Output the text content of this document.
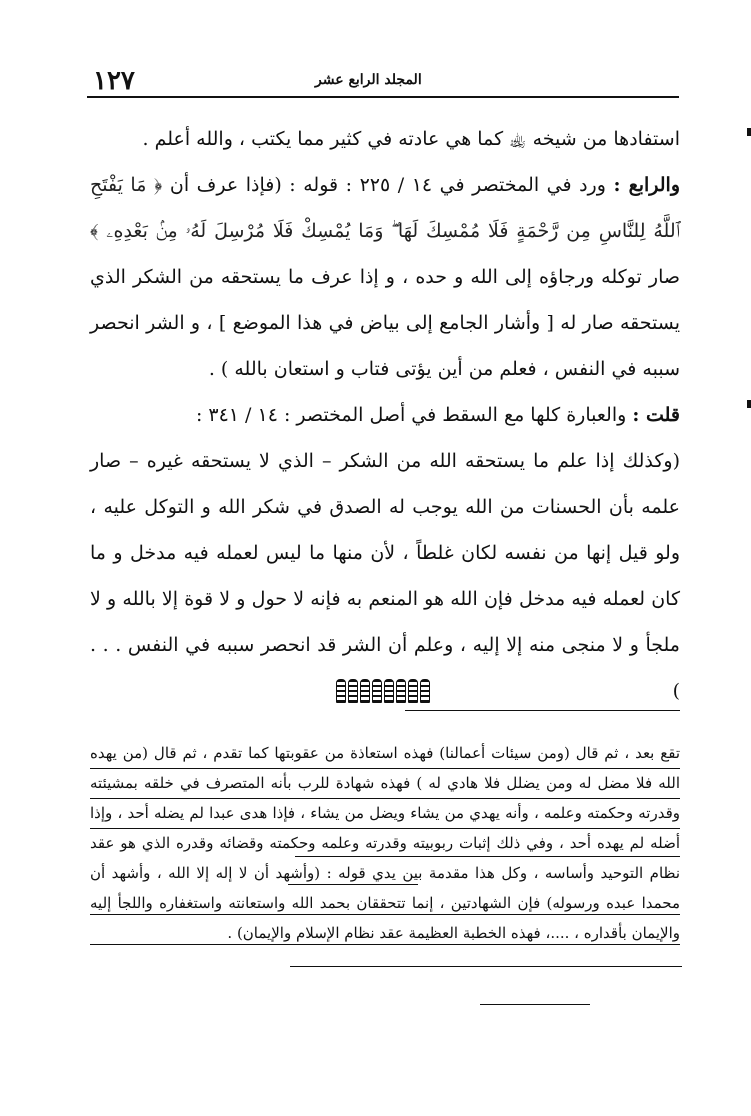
١٢٧	المجلد الرابع عشر

استفادها من شيخه ﵀ كما هي عادته في كثير مما يكتب ، والله أعلم .

والرابع : ورد في المختصر في ١٤ / ٢٢٥ : قوله : (فإذا عرف أن ﴿ مَا يَفْتَحِ ٱللَّهُ لِلنَّاسِ مِن رَّحْمَةٍ فَلَا مُمْسِكَ لَهَا ۖ وَمَا يُمْسِكْ فَلَا مُرْسِلَ لَهُۥ مِنۢ بَعْدِهِۦ ﴾ صار توكله ورجاؤه إلى الله و حده ، و إذا عرف ما يستحقه من الشكر الذي يستحقه صار له [ وأشار الجامع إلى بياض في هذا الموضع ] ، و الشر انحصر سببه في النفس ، فعلم من أين يؤتى فتاب و استعان بالله ) .

قلت : والعبارة كلها مع السقط في أصل المختصر : ١٤ / ٣٤١ :

(وكذلك إذا علم ما يستحقه الله من الشكر – الذي لا يستحقه غيره – صار علمه بأن الحسنات من الله يوجب له الصدق في شكر الله و التوكل عليه ، ولو قيل إنها من نفسه لكان غلطاً ، لأن منها ما ليس لعمله فيه مدخل و ما كان لعمله فيه مدخل فإن الله هو المنعم به فإنه لا حول و لا قوة إلا بالله و لا ملجأ و لا منجى منه إلا إليه ، وعلم أن الشر قد انحصر سببه في النفس . . . )

تقع بعد ، ثم قال (ومن سيئات أعمالنا) فهذه استعاذة من عقوبتها كما تقدم ، ثم قال (من يهده الله فلا مضل له ومن يضلل فلا هادي له ) فهذه شهادة للرب بأنه المتصرف في خلقه بمشيئته وقدرته وحكمته وعلمه ، وأنه يهدي من يشاء ويضل من يشاء ، فإذا هدى عبدا لم يضله أحد ، وإذا أضله لم يهده أحد ، وفي ذلك إثبات ربوبيته وقدرته وعلمه وحكمته وقضائه وقدره الذي هو عقد نظام التوحيد وأساسه ، وكل هذا مقدمة بين يدي قوله : (وأشهد أن لا إله إلا الله ، وأشهد أن محمدا عبده ورسوله) فإن الشهادتين ، إنما تتحققان بحمد الله واستعانته واستغفاره واللجأ إليه والإيمان بأقداره ، ....، فهذه الخطبة العظيمة عقد نظام الإسلام والإيمان) .
